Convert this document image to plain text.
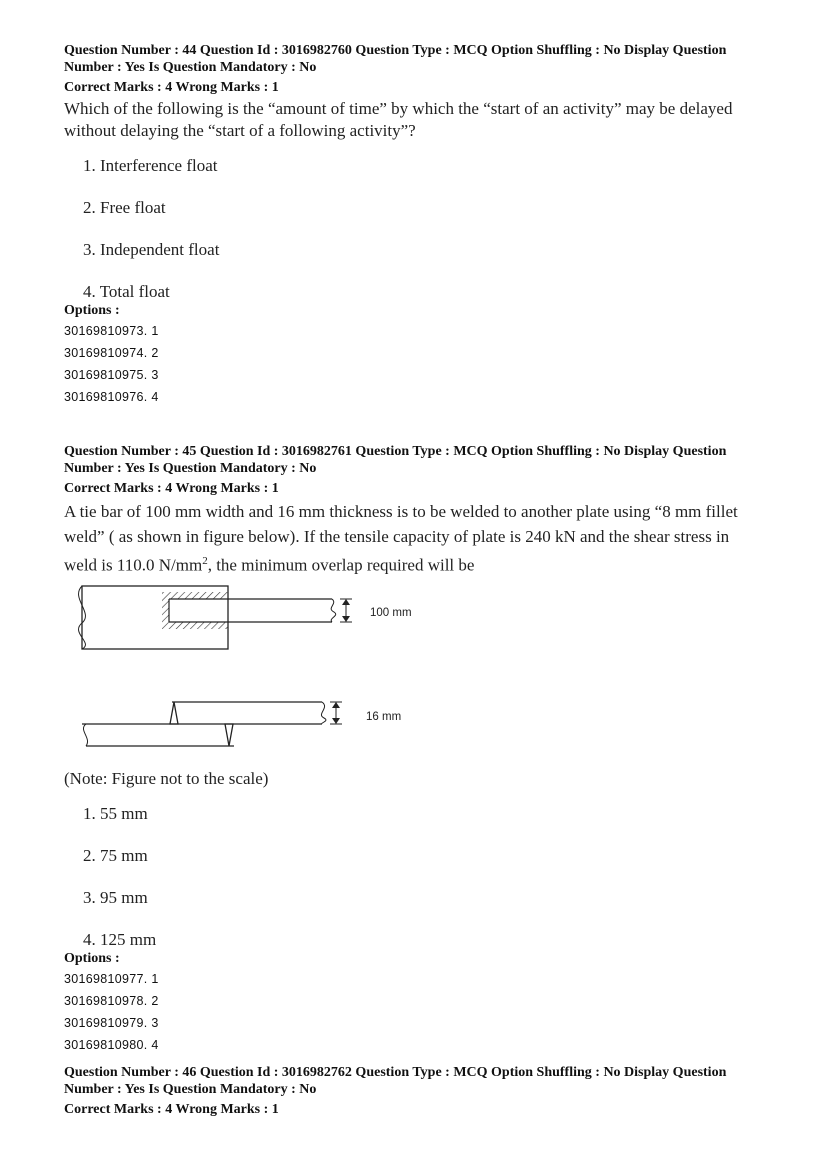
Question Number : 44 Question Id : 3016982760 Question Type : MCQ Option Shuffling : No Display Question Number : Yes Is Question Mandatory : No

Correct Marks : 4 Wrong Marks : 1

Which of the following is the “amount of time” by which the “start of an activity” may be delayed without delaying the “start of a following activity”?

1. Interference float
2. Free float
3. Independent float
4. Total float

Options :

30169810973. 1

30169810974. 2

30169810975. 3

30169810976. 4

Question Number : 45 Question Id : 3016982761 Question Type : MCQ Option Shuffling : No Display Question Number : Yes Is Question Mandatory : No

Correct Marks : 4 Wrong Marks : 1

A tie bar of 100 mm width and 16 mm thickness is to be welded to another plate using “8 mm fillet weld” ( as shown in figure below). If the tensile capacity of plate is 240 kN and the shear stress in weld is 110.0 $N/mm^2$, the minimum overlap required will be

100 mm
16 mm

(Note: Figure not to the scale)

1. 55 mm
2. 75 mm
3. 95 mm
4. 125 mm

Options :

30169810977. 1

30169810978. 2

30169810979. 3

30169810980. 4

Question Number : 46 Question Id : 3016982762 Question Type : MCQ Option Shuffling : No Display Question Number : Yes Is Question Mandatory : No

Correct Marks : 4 Wrong Marks : 1
